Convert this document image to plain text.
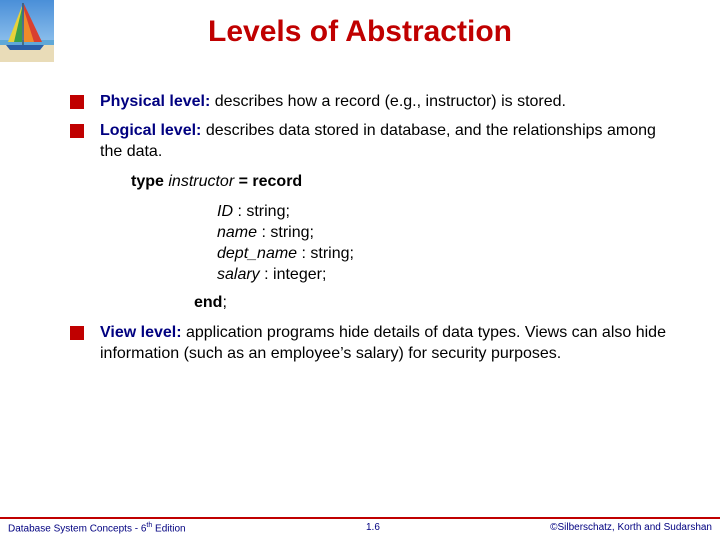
Levels of Abstraction
Physical level: describes how a record (e.g., instructor) is stored.
Logical level: describes data stored in database, and the relationships among the data.
type instructor = record
ID : string;
name : string;
dept_name : string;
salary : integer;
end;
View level: application programs hide details of data types. Views can also hide information (such as an employee’s salary) for security purposes.
Database System Concepts - 6th Edition	1.6	©Silberschatz, Korth and Sudarshan
